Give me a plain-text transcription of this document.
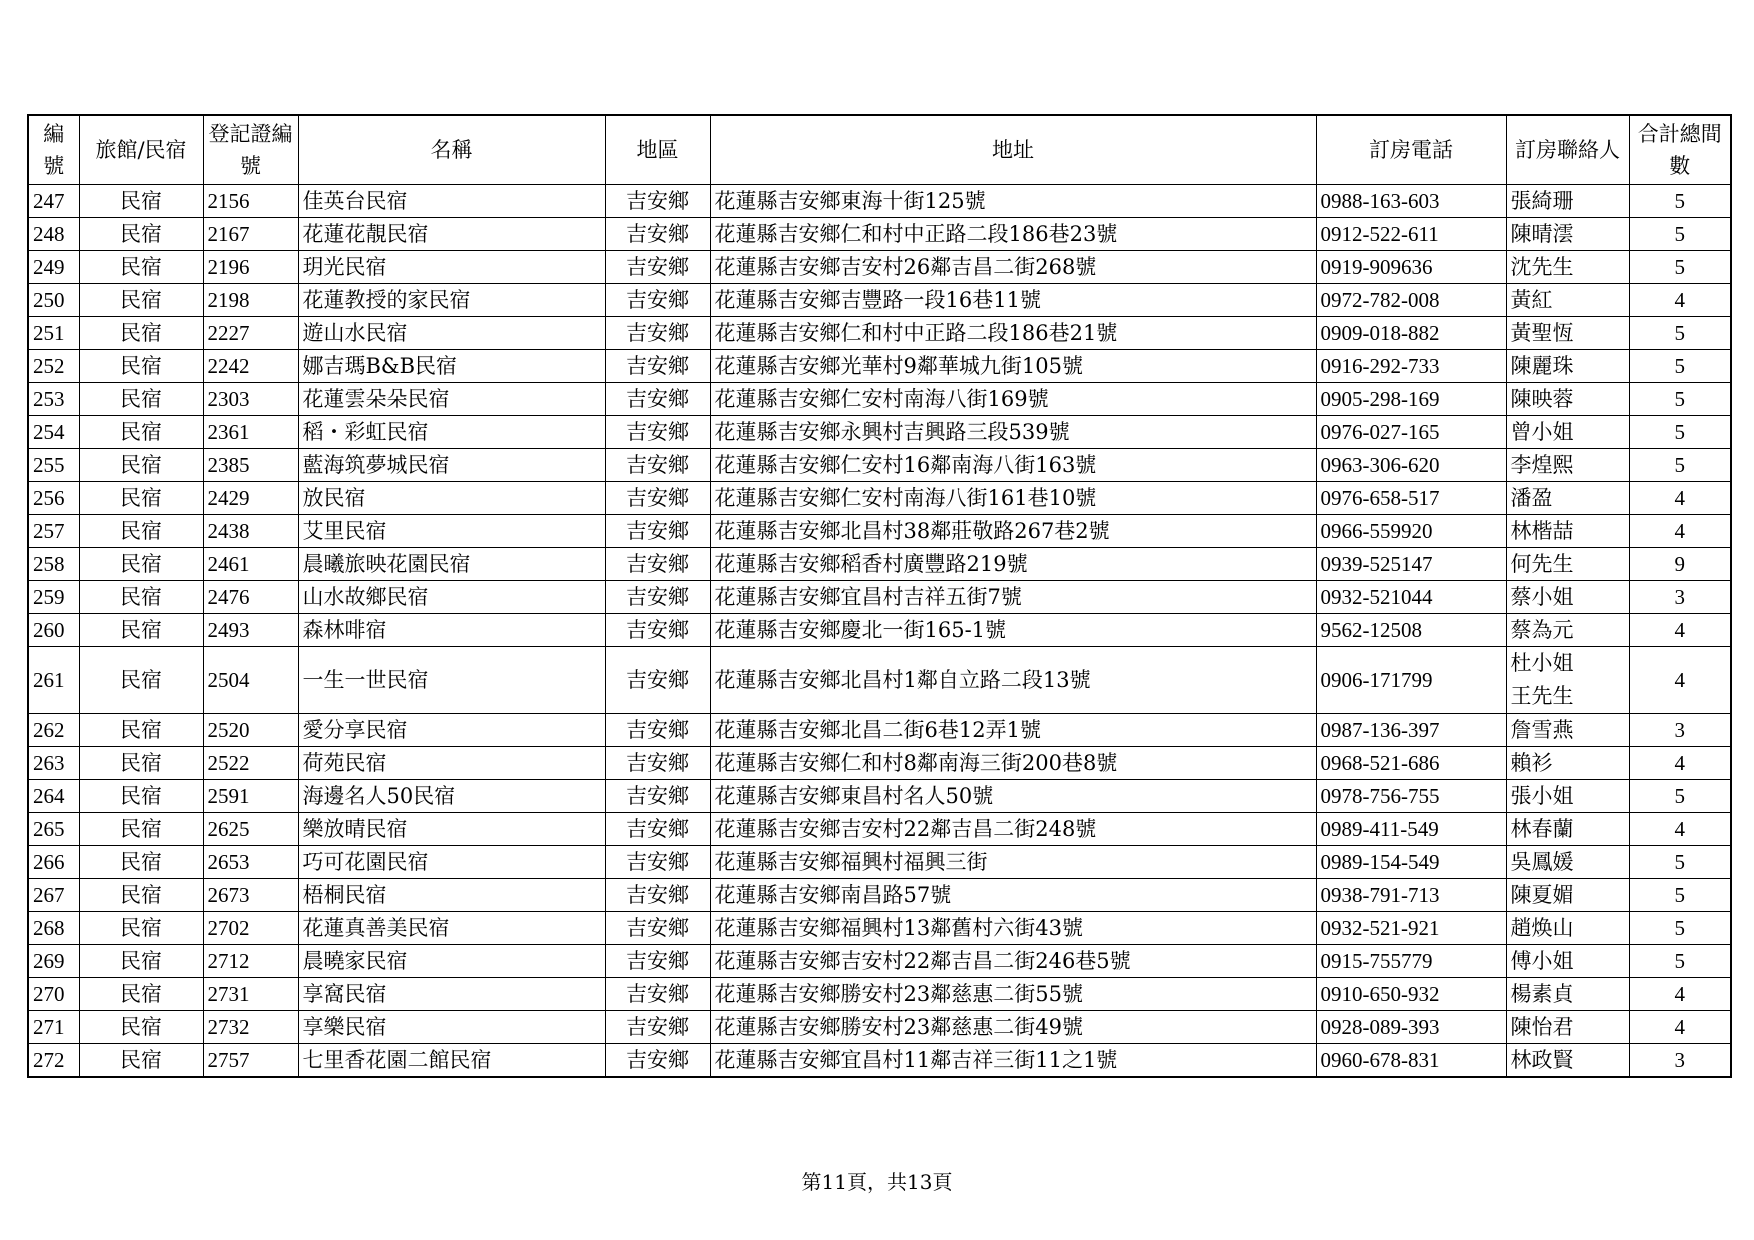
編號	旅館/民宿	登記證編號	名稱	地區	地址	訂房電話	訂房聯絡人	合計總間數
247	民宿	2156	佳英台民宿	吉安鄉	花蓮縣吉安鄉東海十街125號	0988-163-603	張綺珊	5
248	民宿	2167	花蓮花靚民宿	吉安鄉	花蓮縣吉安鄉仁和村中正路二段186巷23號	0912-522-611	陳晴澐	5
249	民宿	2196	玥光民宿	吉安鄉	花蓮縣吉安鄉吉安村26鄰吉昌二街268號	0919-909636	沈先生	5
250	民宿	2198	花蓮教授的家民宿	吉安鄉	花蓮縣吉安鄉吉豐路一段16巷11號	0972-782-008	黃紅	4
251	民宿	2227	遊山水民宿	吉安鄉	花蓮縣吉安鄉仁和村中正路二段186巷21號	0909-018-882	黃聖恆	5
252	民宿	2242	娜吉瑪B&B民宿	吉安鄉	花蓮縣吉安鄉光華村9鄰華城九街105號	0916-292-733	陳麗珠	5
253	民宿	2303	花蓮雲朵朵民宿	吉安鄉	花蓮縣吉安鄉仁安村南海八街169號	0905-298-169	陳映蓉	5
254	民宿	2361	稻・彩虹民宿	吉安鄉	花蓮縣吉安鄉永興村吉興路三段539號	0976-027-165	曾小姐	5
255	民宿	2385	藍海筑夢城民宿	吉安鄉	花蓮縣吉安鄉仁安村16鄰南海八街163號	0963-306-620	李煌熙	5
256	民宿	2429	放民宿	吉安鄉	花蓮縣吉安鄉仁安村南海八街161巷10號	0976-658-517	潘盈	4
257	民宿	2438	艾里民宿	吉安鄉	花蓮縣吉安鄉北昌村38鄰莊敬路267巷2號	0966-559920	林楷喆	4
258	民宿	2461	晨曦旅映花園民宿	吉安鄉	花蓮縣吉安鄉稻香村廣豐路219號	0939-525147	何先生	9
259	民宿	2476	山水故鄉民宿	吉安鄉	花蓮縣吉安鄉宜昌村吉祥五街7號	0932-521044	蔡小姐	3
260	民宿	2493	森林啡宿	吉安鄉	花蓮縣吉安鄉慶北一街165-1號	9562-12508	蔡為元	4
261	民宿	2504	一生一世民宿	吉安鄉	花蓮縣吉安鄉北昌村1鄰自立路二段13號	0906-171799	杜小姐
王先生	4
262	民宿	2520	愛分享民宿	吉安鄉	花蓮縣吉安鄉北昌二街6巷12弄1號	0987-136-397	詹雪燕	3
263	民宿	2522	荷苑民宿	吉安鄉	花蓮縣吉安鄉仁和村8鄰南海三街200巷8號	0968-521-686	賴衫	4
264	民宿	2591	海邊名人50民宿	吉安鄉	花蓮縣吉安鄉東昌村名人50號	0978-756-755	張小姐	5
265	民宿	2625	樂放晴民宿	吉安鄉	花蓮縣吉安鄉吉安村22鄰吉昌二街248號	0989-411-549	林春蘭	4
266	民宿	2653	巧可花園民宿	吉安鄉	花蓮縣吉安鄉福興村福興三街	0989-154-549	吳鳳媛	5
267	民宿	2673	梧桐民宿	吉安鄉	花蓮縣吉安鄉南昌路57號	0938-791-713	陳夏媚	5
268	民宿	2702	花蓮真善美民宿	吉安鄉	花蓮縣吉安鄉福興村13鄰舊村六街43號	0932-521-921	趙焕山	5
269	民宿	2712	晨曉家民宿	吉安鄉	花蓮縣吉安鄉吉安村22鄰吉昌二街246巷5號	0915-755779	傅小姐	5
270	民宿	2731	享窩民宿	吉安鄉	花蓮縣吉安鄉勝安村23鄰慈惠二街55號	0910-650-932	楊素貞	4
271	民宿	2732	享樂民宿	吉安鄉	花蓮縣吉安鄉勝安村23鄰慈惠二街49號	0928-089-393	陳怡君	4
272	民宿	2757	七里香花園二館民宿	吉安鄉	花蓮縣吉安鄉宜昌村11鄰吉祥三街11之1號	0960-678-831	林政賢	3
第11頁，共13頁
